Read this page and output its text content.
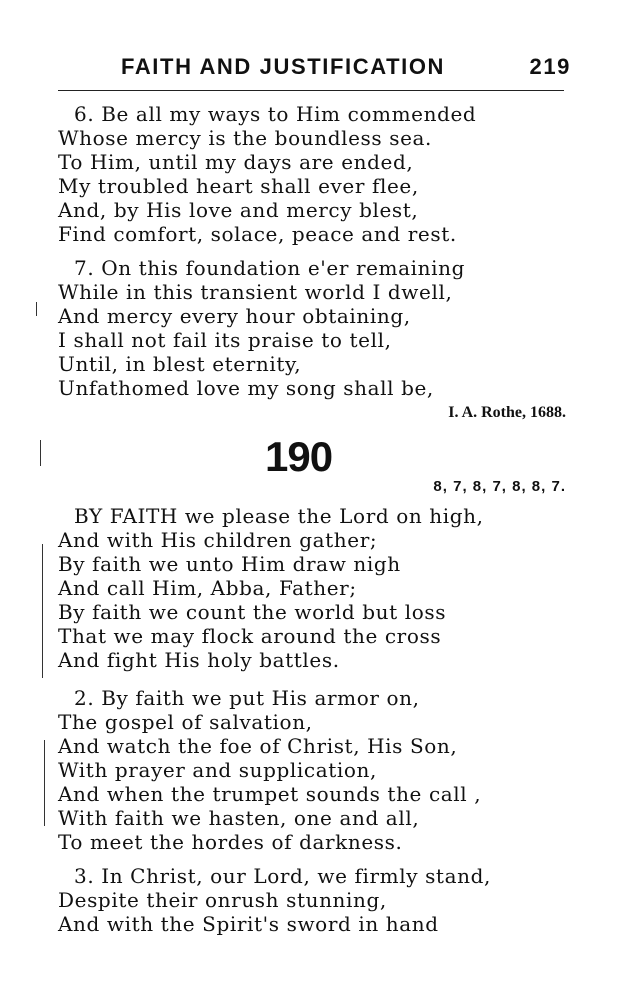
FAITH AND JUSTIFICATION	219
6. Be all my ways to Him commended
Whose mercy is the boundless sea.
To Him, until my days are ended,
My troubled heart shall ever flee,
And, by His love and mercy blest,
Find comfort, solace, peace and rest.
7. On this foundation e'er remaining
While in this transient world I dwell,
And mercy every hour obtaining,
I shall not fail its praise to tell,
Until, in blest eternity,
Unfathomed love my song shall be,
I. A. Rothe, 1688.
190
8, 7, 8, 7, 8, 8, 7.
BY FAITH we please the Lord on high,
And with His children gather;
By faith we unto Him draw nigh
And call Him, Abba, Father;
By faith we count the world but loss
That we may flock around the cross
And fight His holy battles.
2. By faith we put His armor on,
The gospel of salvation,
And watch the foe of Christ, His Son,
With prayer and supplication,
And when the trumpet sounds the call ,
With faith we hasten, one and all,
To meet the hordes of darkness.
3. In Christ, our Lord, we firmly stand,
Despite their onrush stunning,
And with the Spirit's sword in hand
